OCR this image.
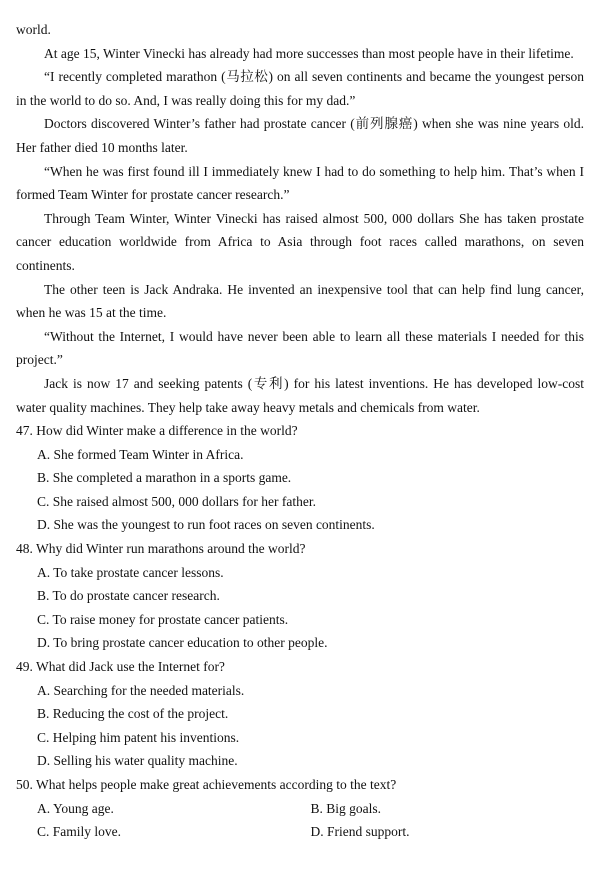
world.

At age 15, Winter Vinecki has already had more successes than most people have in their lifetime.

“I recently completed marathon (马拉松) on all seven continents and became the youngest person in the world to do so. And, I was really doing this for my dad.”

Doctors discovered Winter’s father had prostate cancer (前列腺癌) when she was nine years old. Her father died 10 months later.

“When he was first found ill I immediately knew I had to do something to help him. That’s when I formed Team Winter for prostate cancer research.”

Through Team Winter, Winter Vinecki has raised almost 500, 000 dollars She has taken prostate cancer education worldwide from Africa to Asia through foot races called marathons, on seven continents.

The other teen is Jack Andraka. He invented an inexpensive tool that can help find lung cancer, when he was 15 at the time.

“Without the Internet, I would have never been able to learn all these materials I needed for this project.”

Jack is now 17 and seeking patents (专利) for his latest inventions. He has developed low-cost water quality machines. They help take away heavy metals and chemicals from water.

47. How did Winter make a difference in the world?

A. She formed Team Winter in Africa.

B. She completed a marathon in a sports game.

C. She raised almost 500, 000 dollars for her father.

D. She was the youngest to run foot races on seven continents.

48. Why did Winter run marathons around the world?

A. To take prostate cancer lessons.

B. To do prostate cancer research.

C. To raise money for prostate cancer patients.

D. To bring prostate cancer education to other people.

49. What did Jack use the Internet for?

A. Searching for the needed materials.

B. Reducing the cost of the project.

C. Helping him patent his inventions.

D. Selling his water quality machine.

50. What helps people make great achievements according to the text?

A. Young age.	B. Big goals.
C. Family love.	D. Friend support.
